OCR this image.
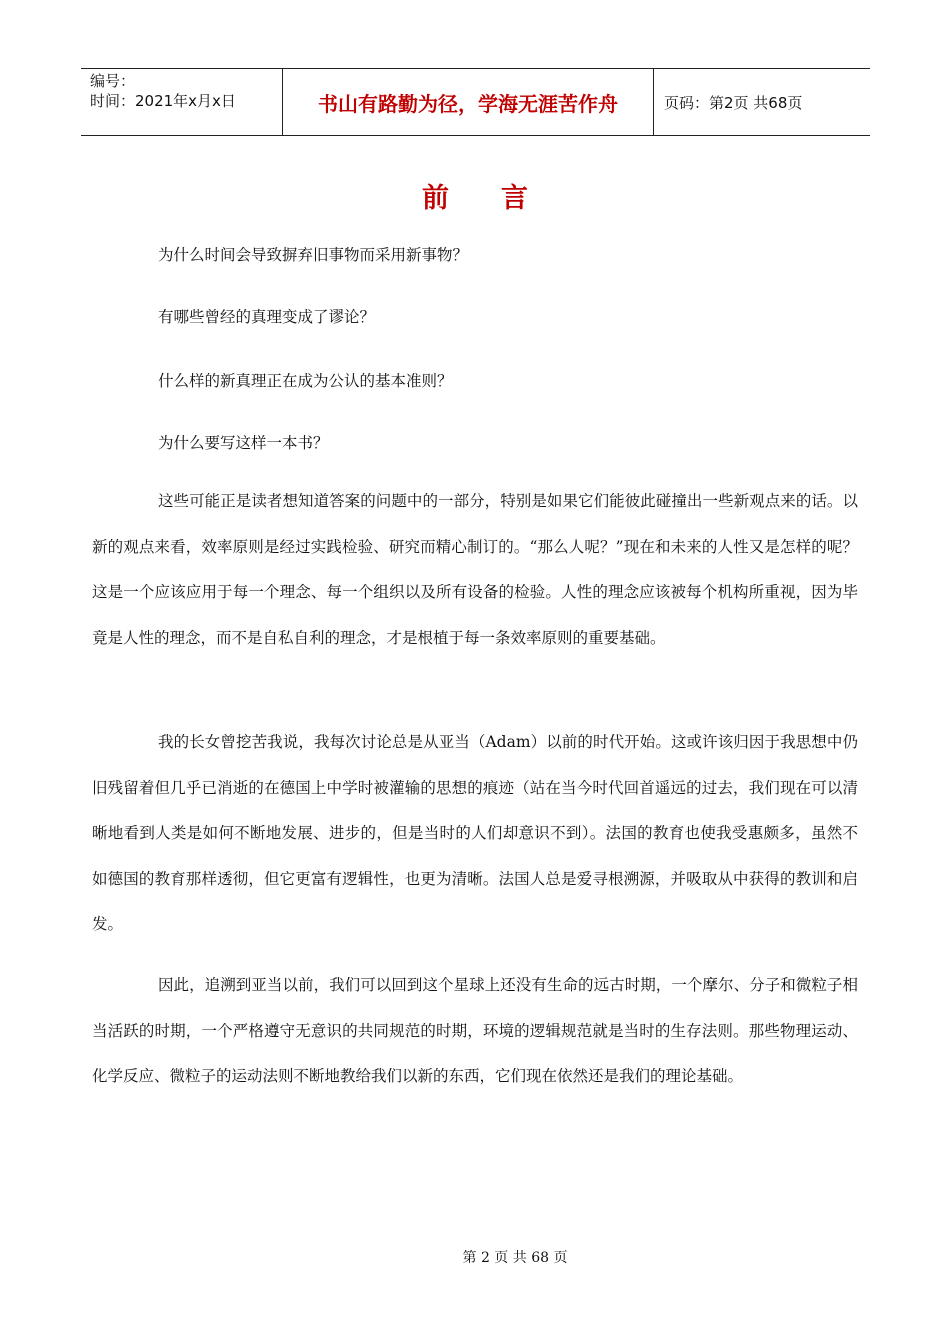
编号：
时间：2021年x月x日	书山有路勤为径，学海无涯苦作舟	页码：第2页 共68页
前言
为什么时间会导致摒弃旧事物而采用新事物？
有哪些曾经的真理变成了谬论？
什么样的新真理正在成为公认的基本准则？
为什么要写这样一本书？
这些可能正是读者想知道答案的问题中的一部分，特别是如果它们能彼此碰撞出一些新观点来的话。以新的观点来看，效率原则是经过实践检验、研究而精心制订的。“那么人呢？”现在和未来的人性又是怎样的呢？这是一个应该应用于每一个理念、每一个组织以及所有设备的检验。人性的理念应该被每个机构所重视，因为毕竟是人性的理念，而不是自私自利的理念，才是根植于每一条效率原则的重要基础。
我的长女曾挖苦我说，我每次讨论总是从亚当（Adam）以前的时代开始。这或许该归因于我思想中仍旧残留着但几乎已消逝的在德国上中学时被灌输的思想的痕迹（站在当今时代回首遥远的过去，我们现在可以清晰地看到人类是如何不断地发展、进步的，但是当时的人们却意识不到）。法国的教育也使我受惠颇多，虽然不如德国的教育那样透彻，但它更富有逻辑性，也更为清晰。法国人总是爱寻根溯源，并吸取从中获得的教训和启发。
因此，追溯到亚当以前，我们可以回到这个星球上还没有生命的远古时期，一个摩尔、分子和微粒子相当活跃的时期，一个严格遵守无意识的共同规范的时期，环境的逻辑规范就是当时的生存法则。那些物理运动、化学反应、微粒子的运动法则不断地教给我们以新的东西，它们现在依然还是我们的理论基础。
第 2 页 共 68 页
